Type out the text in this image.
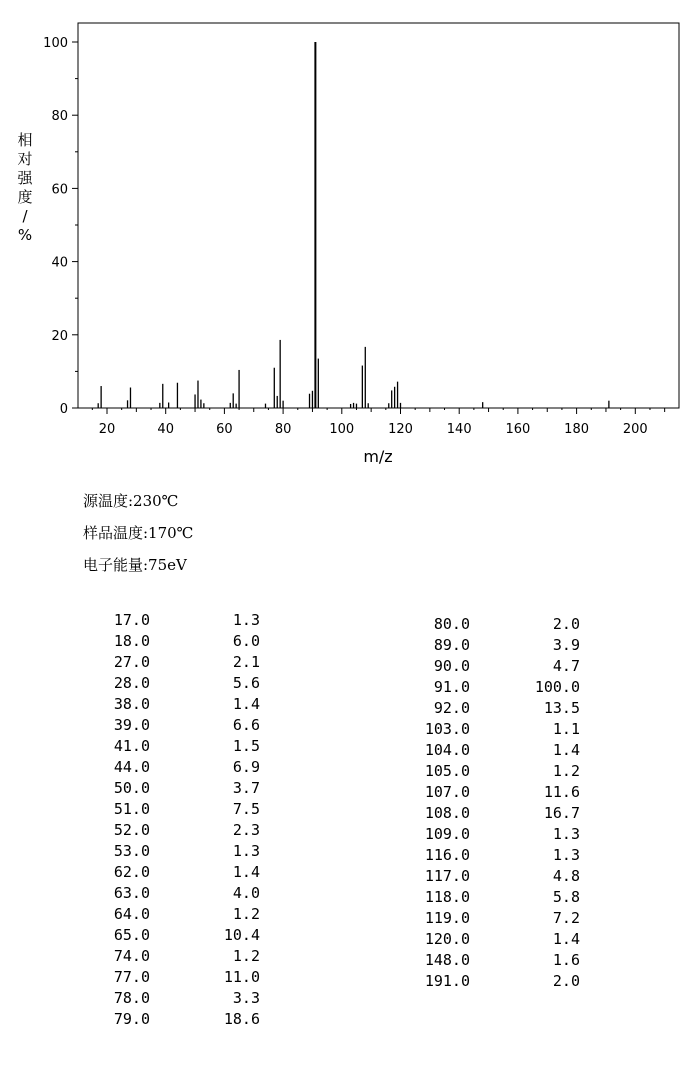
0
20
40
60
80
100
20	40	60	80	100	120	140	160	180	200
m/z
相对强度/ %
源温度:230℃
样品温度:170℃
电子能量:75eV
17.0	1.3
18.0	6.0
27.0	2.1
28.0	5.6
38.0	1.4
39.0	6.6
41.0	1.5
44.0	6.9
50.0	3.7
51.0	7.5
52.0	2.3
53.0	1.3
62.0	1.4
63.0	4.0
64.0	1.2
65.0	10.4
74.0	1.2
77.0	11.0
78.0	3.3
79.0	18.6
80.0	2.0
89.0	3.9
90.0	4.7
91.0	100.0
92.0	13.5
103.0	1.1
104.0	1.4
105.0	1.2
107.0	11.6
108.0	16.7
109.0	1.3
116.0	1.3
117.0	4.8
118.0	5.8
119.0	7.2
120.0	1.4
148.0	1.6
191.0	2.0
